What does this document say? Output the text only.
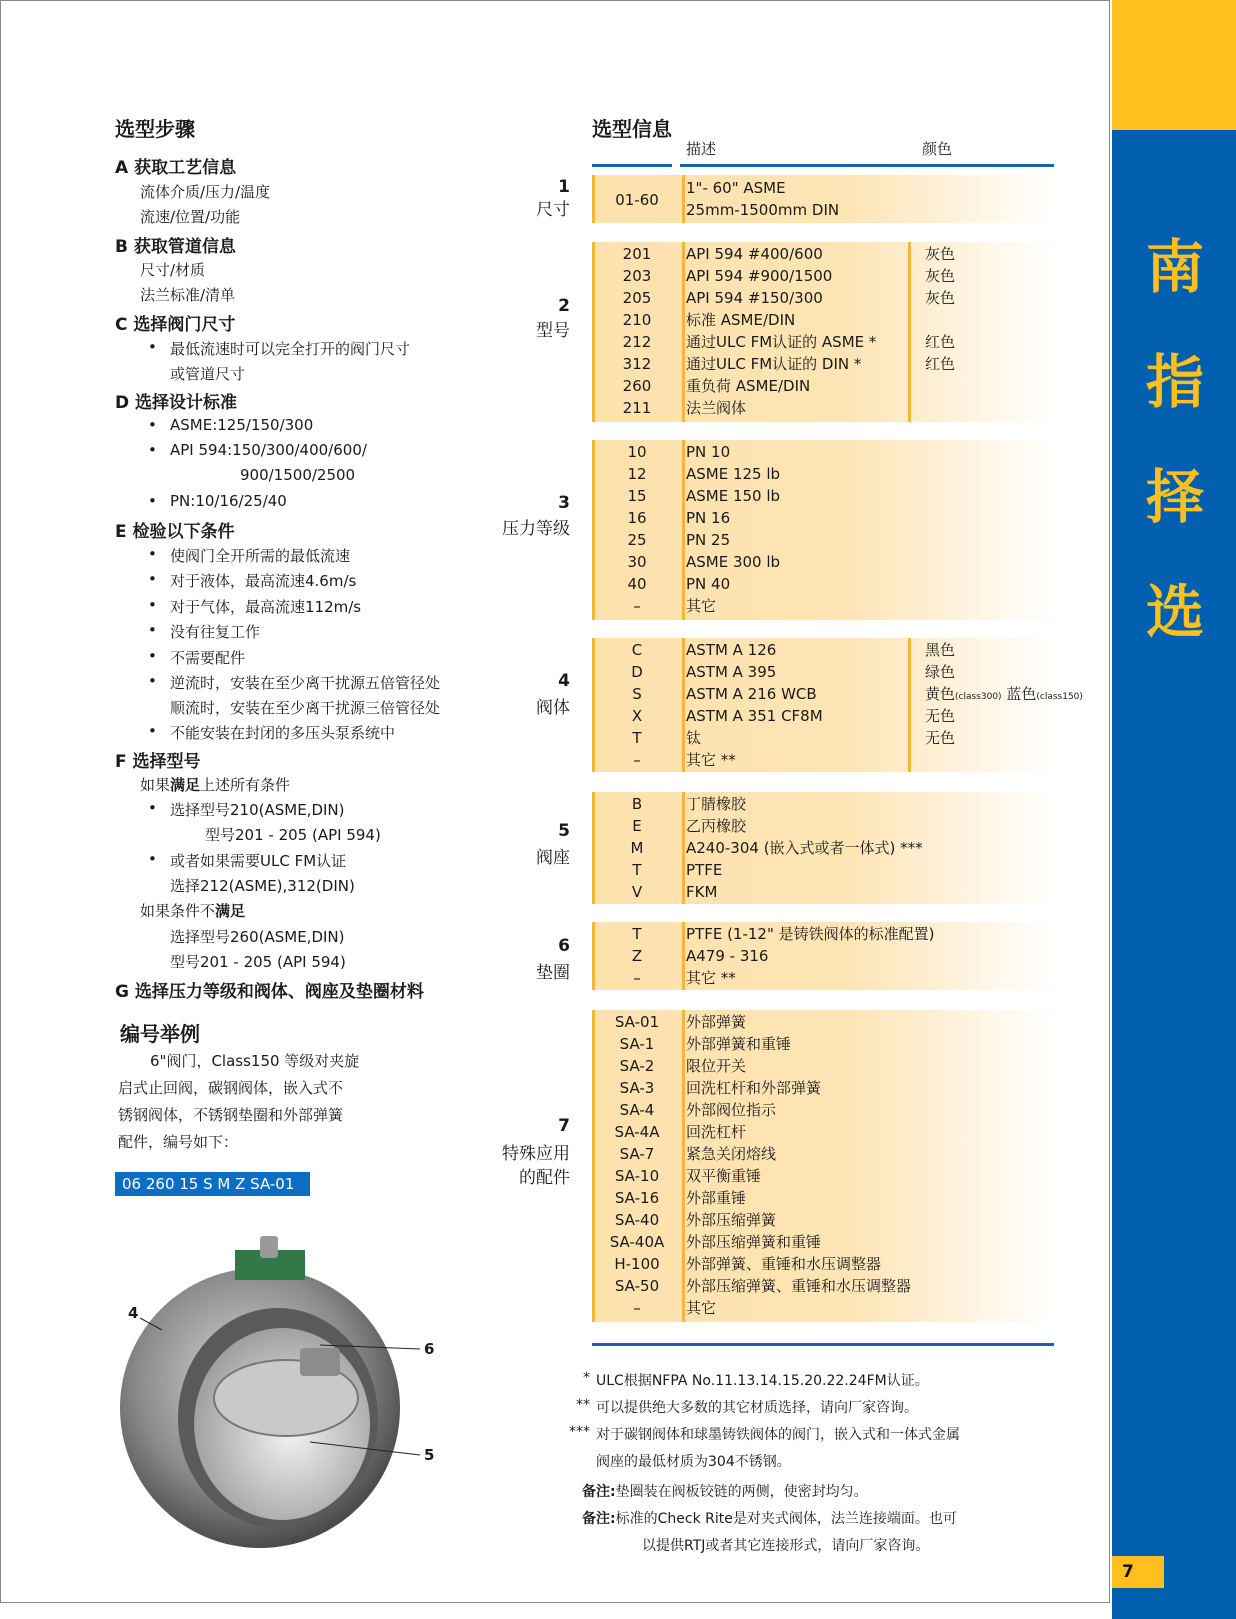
南
指
择
选
7
选型步骤
A 获取工艺信息
流体介质/压力/温度
流速/位置/功能
B 获取管道信息
尺寸/材质
法兰标准/清单
C 选择阀门尺寸
• 最低流速时可以完全打开的阀门尺寸
或管道尺寸
D 选择设计标准
• ASME:125/150/300
• API 594:150/300/400/600/
900/1500/2500
• PN:10/16/25/40
E 检验以下条件
• 使阀门全开所需的最低流速
• 对于液体，最高流速4.6m/s
• 对于气体，最高流速112m/s
• 没有往复工作
• 不需要配件
• 逆流时，安装在至少离干扰源五倍管径处
顺流时，安装在至少离干扰源三倍管径处
• 不能安装在封闭的多压头泵系统中
F 选择型号
如果满足上述所有条件
• 选择型号210(ASME,DIN)
型号201 - 205 (API 594)
• 或者如果需要ULC FM认证
选择212(ASME),312(DIN)
如果条件不满足
选择型号260(ASME,DIN)
型号201 - 205 (API 594)
G 选择压力等级和阀体、阀座及垫圈材料
编号举例
6"阀门，Class150 等级对夹旋
启式止回阀，碳钢阀体，嵌入式不
锈钢阀体，不锈钢垫圈和外部弹簧
配件，编号如下：
06 260 15 S M Z SA-01
4
6
5
选型信息
描述	颜色
1
尺寸	01-60
1"- 60" ASME
25mm-1500mm DIN
2
型号
201	API 594 #400/600	灰色
203	API 594 #900/1500	灰色
205	API 594 #150/300	灰色
210	标准 ASME/DIN
212	通过ULC FM认证的 ASME *	红色
312	通过ULC FM认证的 DIN *	红色
260	重负荷 ASME/DIN
211	法兰阀体
3
压力等级
10	PN 10
12	ASME 125 lb
15	ASME 150 lb
16	PN 16
25	PN 25
30	ASME 300 lb
40	PN 40
–	其它
4
阀体
C	ASTM A 126	黑色
D	ASTM A 395	绿色
S	ASTM A 216 WCB	黄色(class300) 蓝色(class150)
X	ASTM A 351 CF8M	无色
T	钛	无色
–	其它 **
5
阀座
B	丁腈橡胶
E	乙丙橡胶
M	A240-304 (嵌入式或者一体式) ***
T	PTFE
V	FKM
6
垫圈
T	PTFE (1-12" 是铸铁阀体的标准配置)
Z	A479 - 316
–	其它 **
7
特殊应用
的配件
SA-01	外部弹簧
SA-1	外部弹簧和重锤
SA-2	限位开关
SA-3	回洗杠杆和外部弹簧
SA-4	外部阀位指示
SA-4A	回洗杠杆
SA-7	紧急关闭熔线
SA-10	双平衡重锤
SA-16	外部重锤
SA-40	外部压缩弹簧
SA-40A	外部压缩弹簧和重锤
H-100	外部弹簧、重锤和水压调整器
SA-50	外部压缩弹簧、重锤和水压调整器
–	其它
* ULC根据NFPA No.11.13.14.15.20.22.24FM认证。
** 可以提供绝大多数的其它材质选择，请向厂家咨询。
*** 对于碳钢阀体和球墨铸铁阀体的阀门，嵌入式和一体式金属
阀座的最低材质为304不锈钢。
备注:垫圈装在阀板铰链的两侧，使密封均匀。
备注:标准的Check Rite是对夹式阀体，法兰连接端面。也可
以提供RTJ或者其它连接形式，请向厂家咨询。
